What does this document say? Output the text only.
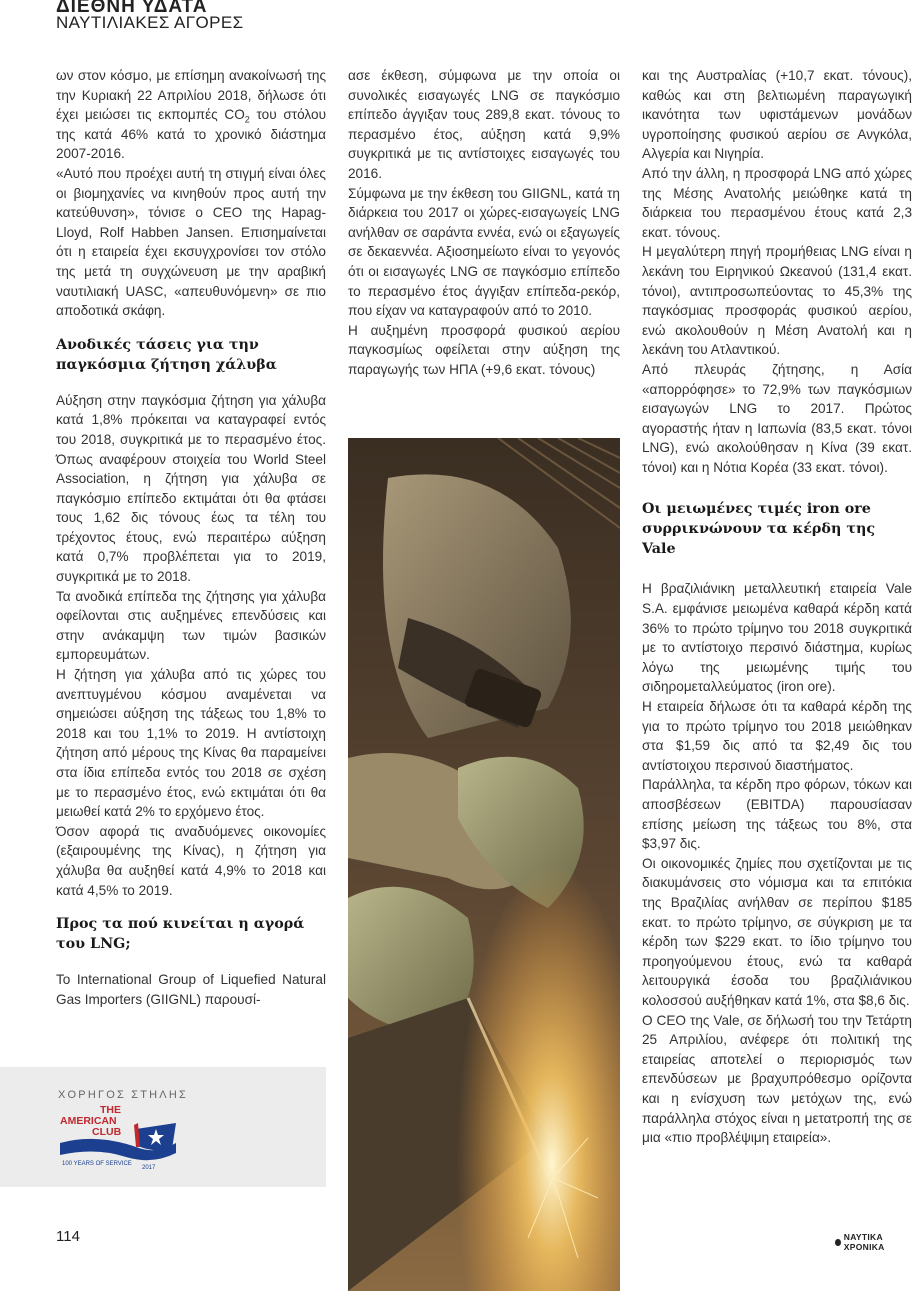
ΔΙΕΘΝΗ ΥΔΑΤΑ
ΝΑΥΤΙΛΙΑΚΕΣ ΑΓΟΡΕΣ

ων στον κόσμο, με επίσημη ανακοίνωσή της την Κυριακή 22 Απριλίου 2018, δήλωσε ότι έχει μειώσει τις εκπομπές $CO_2$ του στόλου της κατά 46% κατά το χρονικό διάστημα 2007-2016.

«Αυτό που προέχει αυτή τη στιγμή είναι όλες οι βιομηχανίες να κινηθούν προς αυτή την κατεύθυνση», τόνισε ο CEO της Hapag-Lloyd, Rolf Habben Jansen. Επισημαίνεται ότι η εταιρεία έχει εκσυγχρονίσει τον στόλο της μετά τη συγχώνευση με την αραβική ναυτιλιακή UASC, «απευθυνόμενη» σε πιο αποδοτικά σκάφη.

Ανοδικές τάσεις για την
παγκόσμια ζήτηση χάλυβα

Αύξηση στην παγκόσμια ζήτηση για χάλυβα κατά 1,8% πρόκειται να καταγραφεί εντός του 2018, συγκριτικά με το περασμένο έτος. Όπως αναφέρουν στοιχεία του World Steel Association, η ζήτηση για χάλυβα σε παγκόσμιο επίπεδο εκτιμάται ότι θα φτάσει τους 1,62 δις τόνους έως τα τέλη του τρέχοντος έτους, ενώ περαιτέρω αύξηση κατά 0,7% προβλέπεται για το 2019, συγκριτικά με το 2018.

Τα ανοδικά επίπεδα της ζήτησης για χάλυβα οφείλονται στις αυξημένες επενδύσεις και στην ανάκαμψη των τιμών βασικών εμπορευμάτων.

Η ζήτηση για χάλυβα από τις χώρες του ανεπτυγμένου κόσμου αναμένεται να σημειώσει αύξηση της τάξεως του 1,8% το 2018 και του 1,1% το 2019. Η αντίστοιχη ζήτηση από μέρους της Κίνας θα παραμείνει στα ίδια επίπεδα εντός του 2018 σε σχέση με το περασμένο έτος, ενώ εκτιμάται ότι θα μειωθεί κατά 2% το ερχόμενο έτος.

Όσον αφορά τις αναδυόμενες οικονομίες (εξαιρουμένης της Κίνας), η ζήτηση για χάλυβα θα αυξηθεί κατά 4,9% το 2018 και κατά 4,5% το 2019.

Προς τα πού κινείται η αγορά
του LNG;

Το International Group of Liquefied Natural Gas Importers (GIIGNL) παρουσί-

ασε έκθεση, σύμφωνα με την οποία οι συνολικές εισαγωγές LNG σε παγκόσμιο επίπεδο άγγιξαν τους 289,8 εκατ. τόνους το περασμένο έτος, αύξηση κατά 9,9% συγκριτικά με τις αντίστοιχες εισαγωγές του 2016.

Σύμφωνα με την έκθεση του GIIGNL, κατά τη διάρκεια του 2017 οι χώρες-εισαγωγείς LNG ανήλθαν σε σαράντα εννέα, ενώ οι εξαγωγείς σε δεκαεννέα. Αξιοσημείωτο είναι το γεγονός ότι οι εισαγωγές LNG σε παγκόσμιο επίπεδο το περασμένο έτος άγγιξαν επίπεδα-ρεκόρ, που είχαν να καταγραφούν από το 2010.

Η αυξημένη προσφορά φυσικού αερίου παγκοσμίως οφείλεται στην αύξηση της παραγωγής των ΗΠΑ (+9,6 εκατ. τόνους)

και της Αυστραλίας (+10,7 εκατ. τόνους), καθώς και στη βελτιωμένη παραγωγική ικανότητα των υφιστάμενων μονάδων υγροποίησης φυσικού αερίου σε Ανγκόλα, Αλγερία και Νιγηρία.

Από την άλλη, η προσφορά LNG από χώρες της Μέσης Ανατολής μειώθηκε κατά τη διάρκεια του περασμένου έτους κατά 2,3 εκατ. τόνους.

Η μεγαλύτερη πηγή προμήθειας LNG είναι η λεκάνη του Ειρηνικού Ωκεανού (131,4 εκατ. τόνοι), αντιπροσωπεύοντας το 45,3% της παγκόσμιας προσφοράς φυσικού αερίου, ενώ ακολουθούν η Μέση Ανατολή και η λεκάνη του Ατλαντικού.

Από πλευράς ζήτησης, η Ασία «απορρόφησε» το 72,9% των παγκόσμιων εισαγωγών LNG το 2017. Πρώτος αγοραστής ήταν η Ιαπωνία (83,5 εκατ. τόνοι LNG), ενώ ακολούθησαν η Κίνα (39 εκατ. τόνοι) και η Νότια Κορέα (33 εκατ. τόνοι).

Οι μειωμένες τιμές iron ore
συρρικνώνουν τα κέρδη της Vale

Η βραζιλιάνικη μεταλλευτική εταιρεία Vale S.A. εμφάνισε μειωμένα καθαρά κέρδη κατά 36% το πρώτο τρίμηνο του 2018 συγκριτικά με το αντίστοιχο περσινό διάστημα, κυρίως λόγω της μειωμένης τιμής του σιδηρομεταλλεύματος (iron ore).

Η εταιρεία δήλωσε ότι τα καθαρά κέρδη της για το πρώτο τρίμηνο του 2018 μειώθηκαν στα $1,59 δις από τα $2,49 δις του αντίστοιχου περσινού διαστήματος.

Παράλληλα, τα κέρδη προ φόρων, τόκων και αποσβέσεων (EBITDA) παρουσίασαν επίσης μείωση της τάξεως του 8%, στα $3,97 δις.

Οι οικονομικές ζημίες που σχετίζονται με τις διακυμάνσεις στο νόμισμα και τα επιτόκια της Βραζιλίας ανήλθαν σε περίπου $185 εκατ. το πρώτο τρίμηνο, σε σύγκριση με τα κέρδη των $229 εκατ. το ίδιο τρίμηνο του προηγούμενου έτους, ενώ τα καθαρά λειτουργικά έσοδα του βραζιλιάνικου κολοσσού αυξήθηκαν κατά 1%, στα $8,6 δις.

Ο CEO της Vale, σε δήλωσή του την Τετάρτη 25 Απριλίου, ανέφερε ότι πολιτική της εταιρείας αποτελεί ο περιορισμός των επενδύσεων με βραχυπρόθεσμο ορίζοντα και η ενίσχυση των μετόχων της, ενώ παράλληλα στόχος είναι η μετατροπή της σε μια «πιο προβλέψιμη εταιρεία».

ΧΟΡΗΓΟΣ ΣΤΗΛΗΣ
THE
AMERICAN
CLUB
100 YEARS OF SERVICE
1917
2017
114	ΝΑΥΤΙΚΑ ΧΡΟΝΙΚΑ
